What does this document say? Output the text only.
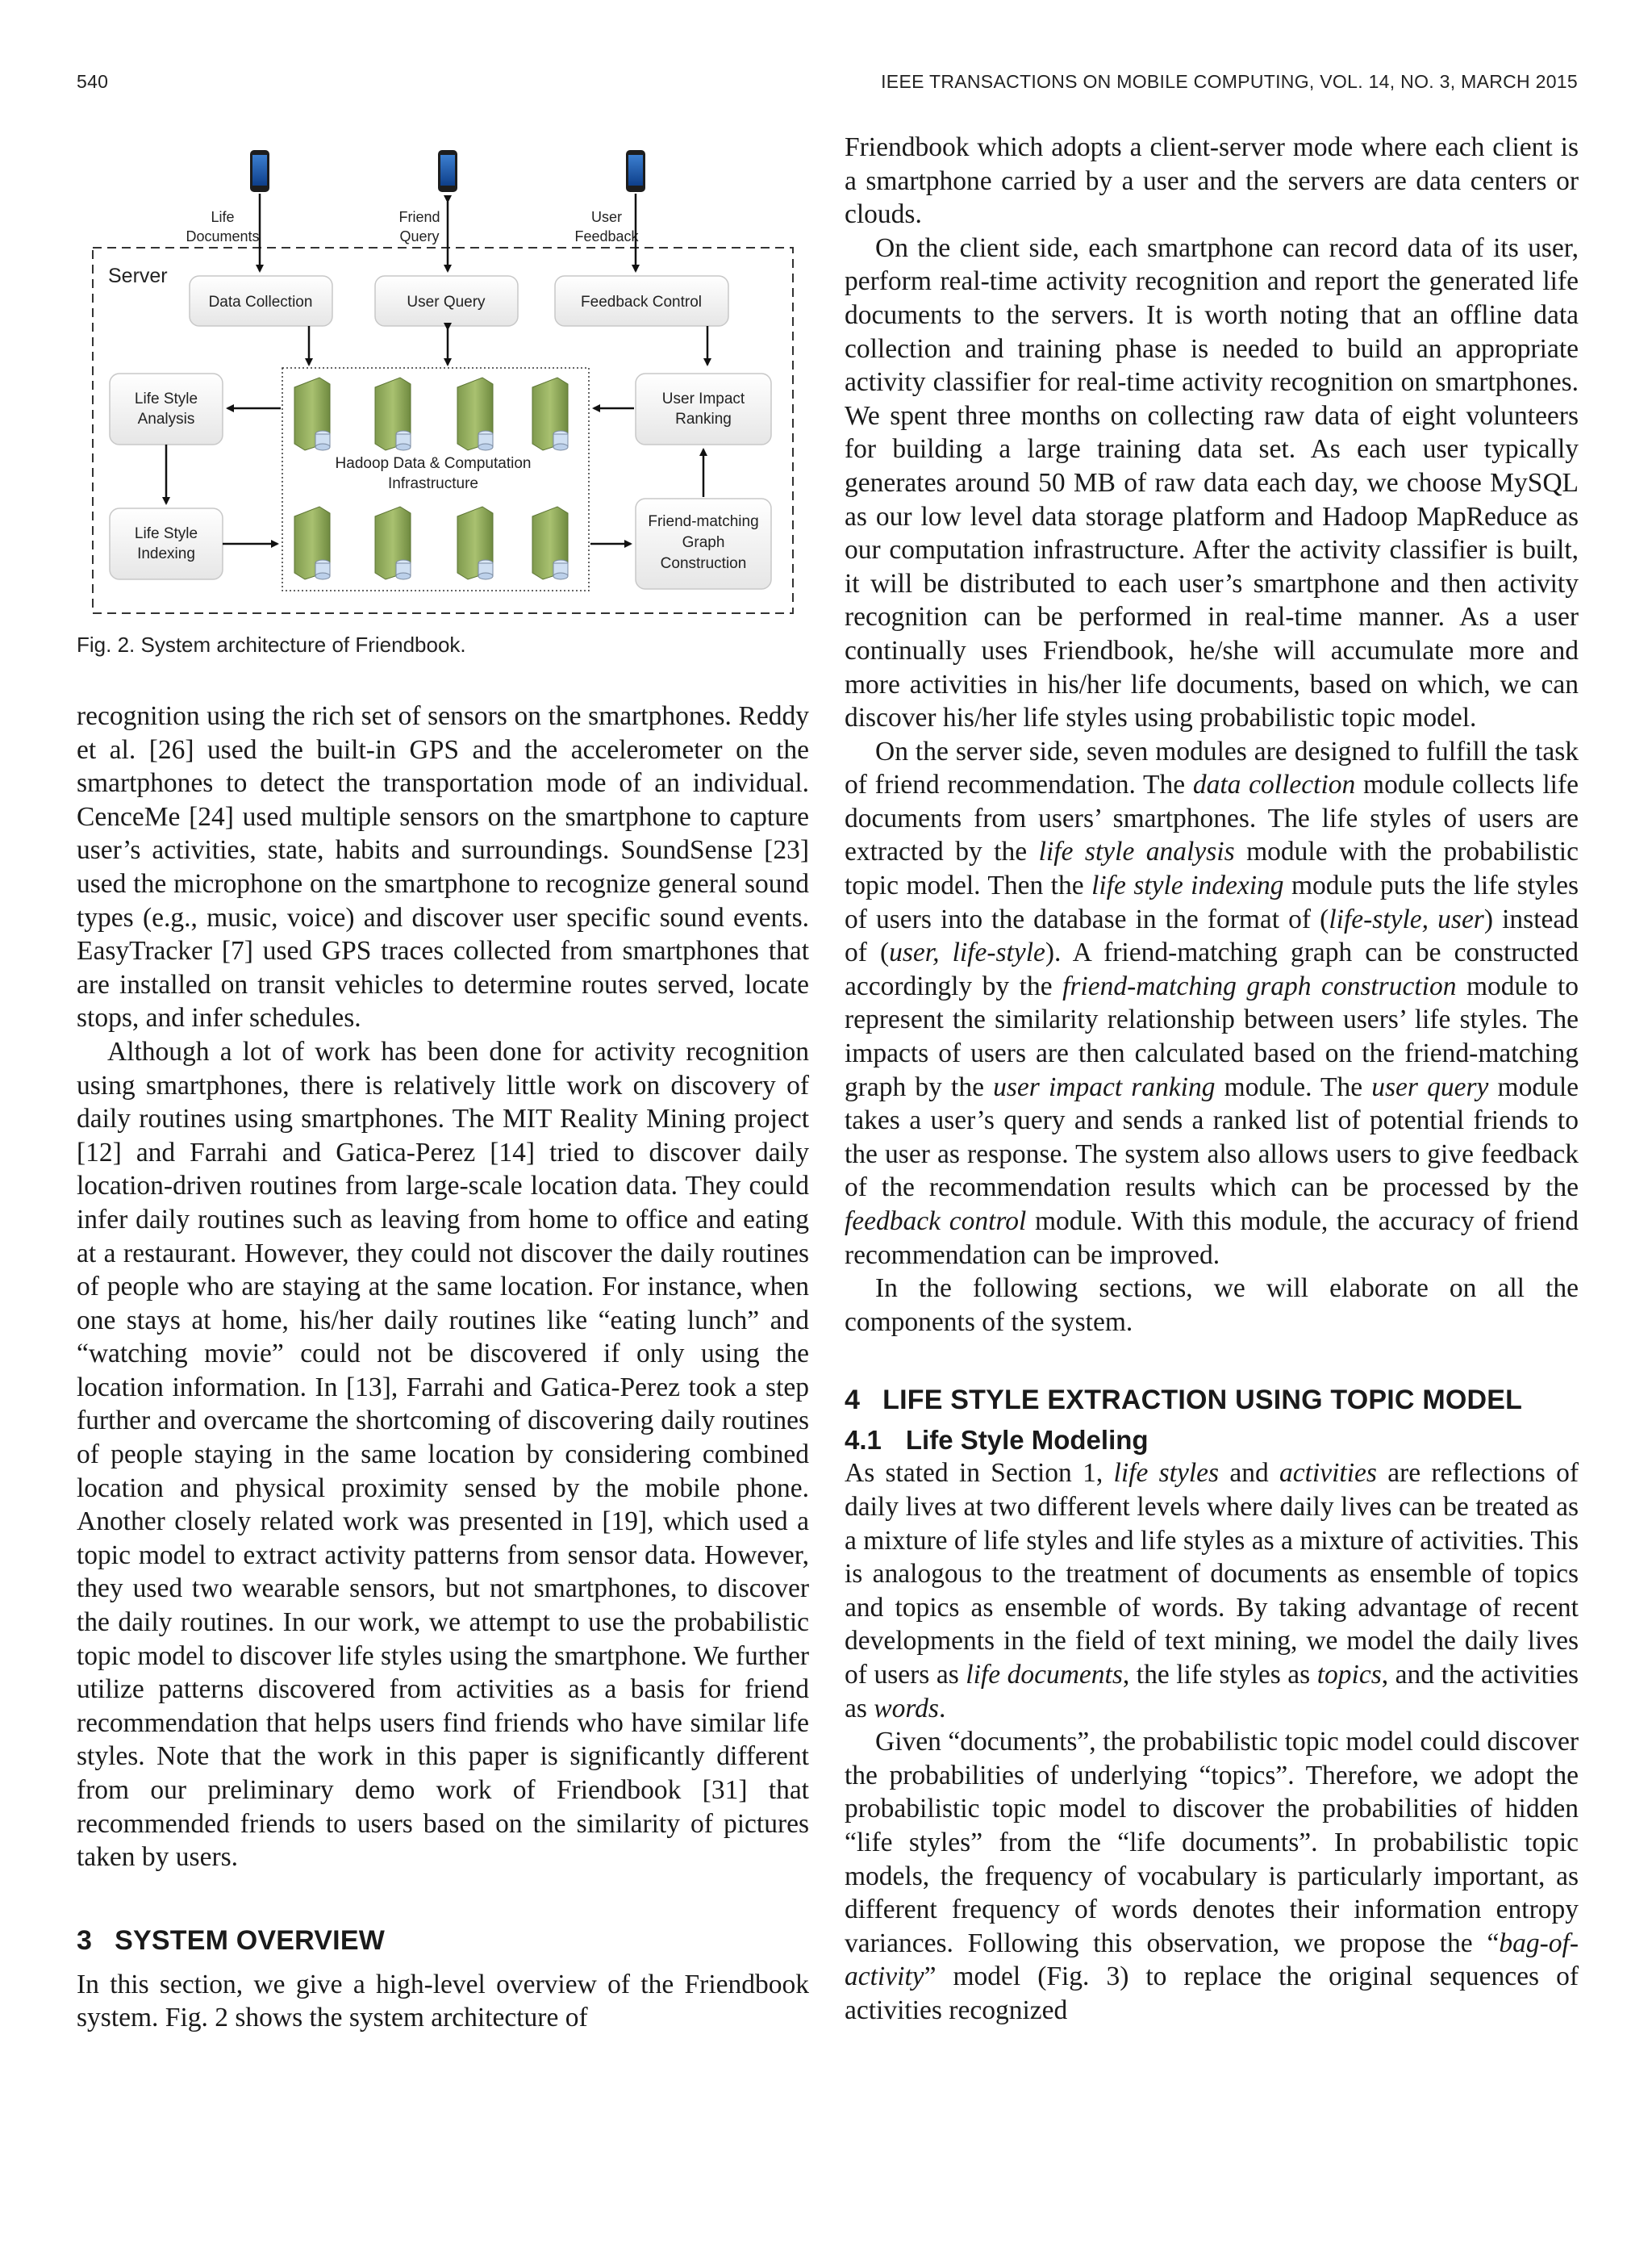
540	IEEE TRANSACTIONS ON MOBILE COMPUTING, VOL. 14, NO. 3, MARCH 2015
Life Documents
Friend Query
User Feedback
Server
Data Collection	User Query	Feedback Control
Hadoop Data & Computation Infrastructure
Life Style Analysis
Life Style Indexing
User Impact Ranking
Friend-matching Graph Construction
Fig. 2. System architecture of Friendbook.

recognition using the rich set of sensors on the smartphones. Reddy et al. [26] used the built-in GPS and the accelerometer on the smartphones to detect the transportation mode of an individual. CenceMe [24] used multiple sensors on the smartphone to capture user’s activities, state, habits and surroundings. SoundSense [23] used the microphone on the smartphone to recognize general sound types (e.g., music, voice) and discover user specific sound events. EasyTracker [7] used GPS traces collected from smartphones that are installed on transit vehicles to determine routes served, locate stops, and infer schedules.

Although a lot of work has been done for activity recognition using smartphones, there is relatively little work on discovery of daily routines using smartphones. The MIT Reality Mining project [12] and Farrahi and Gatica-Perez [14] tried to discover daily location-driven routines from large-scale location data. They could infer daily routines such as leaving from home to office and eating at a restaurant. However, they could not discover the daily routines of people who are staying at the same location. For instance, when one stays at home, his/her daily routines like “eating lunch” and “watching movie” could not be discovered if only using the location information. In [13], Farrahi and Gatica-Perez took a step further and overcame the shortcoming of discovering daily routines of people staying in the same location by considering combined location and physical proximity sensed by the mobile phone. Another closely related work was presented in [19], which used a topic model to extract activity patterns from sensor data. However, they used two wearable sensors, but not smartphones, to discover the daily routines. In our work, we attempt to use the probabilistic topic model to discover life styles using the smartphone. We further utilize patterns discovered from activities as a basis for friend recommendation that helps users find friends who have similar life styles. Note that the work in this paper is significantly different from our preliminary demo work of Friendbook [31] that recommended friends to users based on the similarity of pictures taken by users.

3 SYSTEM OVERVIEW

In this section, we give a high-level overview of the Friendbook system. Fig. 2 shows the system architecture of

Friendbook which adopts a client-server mode where each client is a smartphone carried by a user and the servers are data centers or clouds.

On the client side, each smartphone can record data of its user, perform real-time activity recognition and report the generated life documents to the servers. It is worth noting that an offline data collection and training phase is needed to build an appropriate activity classifier for real-time activity recognition on smartphones. We spent three months on collecting raw data of eight volunteers for building a large training data set. As each user typically generates around 50 MB of raw data each day, we choose MySQL as our low level data storage platform and Hadoop MapReduce as our computation infrastructure. After the activity classifier is built, it will be distributed to each user’s smartphone and then activity recognition can be performed in real-time manner. As a user continually uses Friendbook, he/she will accumulate more and more activities in his/her life documents, based on which, we can discover his/her life styles using probabilistic topic model.

On the server side, seven modules are designed to fulfill the task of friend recommendation. The data collection module collects life documents from users’ smartphones. The life styles of users are extracted by the life style analysis module with the probabilistic topic model. Then the life style indexing module puts the life styles of users into the database in the format of (life-style, user) instead of (user, life-style). A friend-matching graph can be constructed accordingly by the friend-matching graph construction module to represent the similarity relationship between users’ life styles. The impacts of users are then calculated based on the friend-matching graph by the user impact ranking module. The user query module takes a user’s query and sends a ranked list of potential friends to the user as response. The system also allows users to give feedback of the recommendation results which can be processed by the feedback control module. With this module, the accuracy of friend recommendation can be improved.

In the following sections, we will elaborate on all the components of the system.

4 LIFE STYLE EXTRACTION USING TOPIC MODEL
4.1 Life Style Modeling

As stated in Section 1, life styles and activities are reflections of daily lives at two different levels where daily lives can be treated as a mixture of life styles and life styles as a mixture of activities. This is analogous to the treatment of documents as ensemble of topics and topics as ensemble of words. By taking advantage of recent developments in the field of text mining, we model the daily lives of users as life documents, the life styles as topics, and the activities as words.

Given “documents”, the probabilistic topic model could discover the probabilities of underlying “topics”. Therefore, we adopt the probabilistic topic model to discover the probabilities of hidden “life styles” from the “life documents”. In probabilistic topic models, the frequency of vocabulary is particularly important, as different frequency of words denotes their information entropy variances. Following this observation, we propose the “bag-of-activity” model (Fig. 3) to replace the original sequences of activities recognized
